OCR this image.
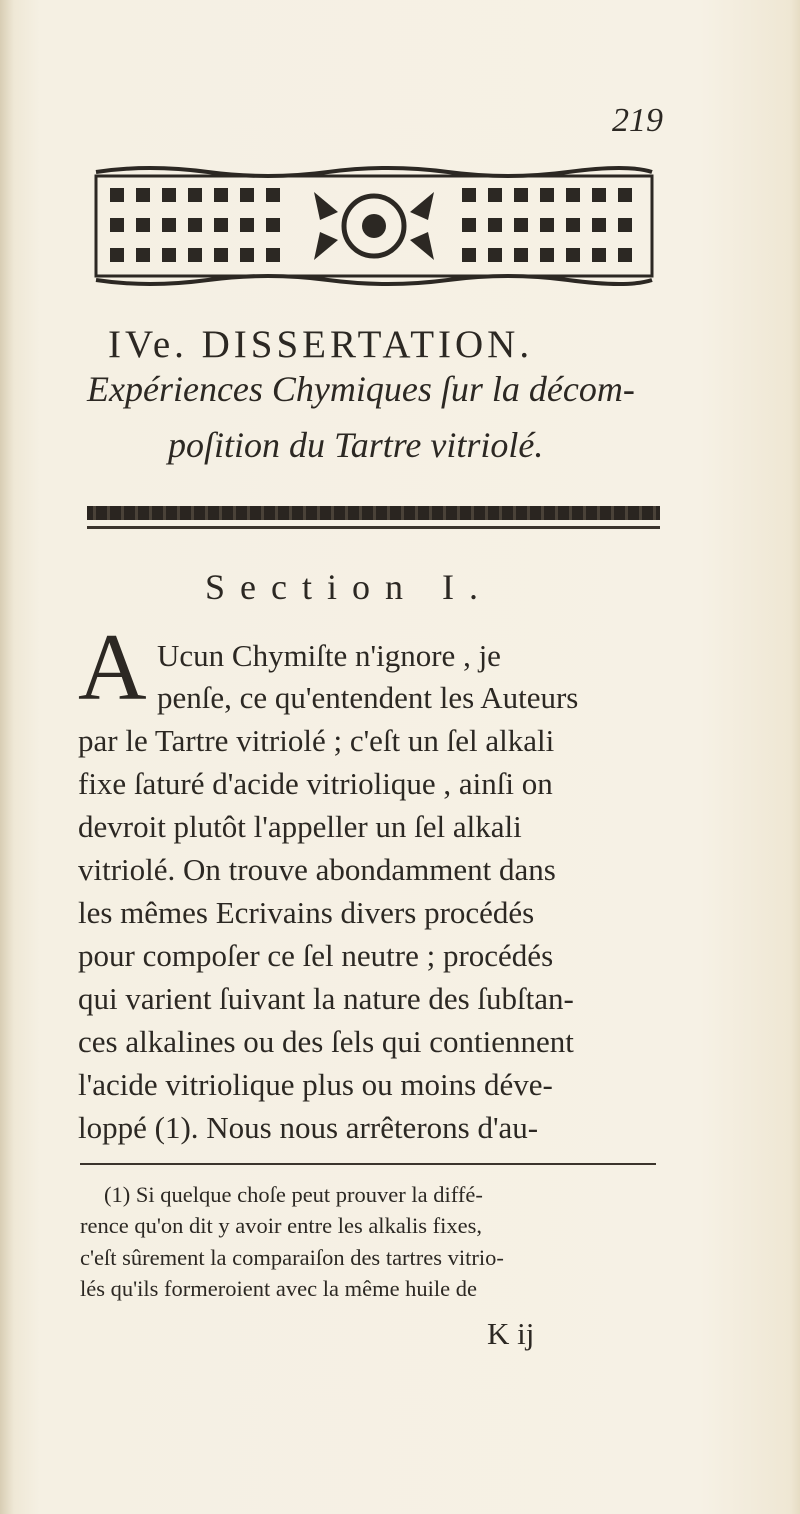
219
IVe. DISSERTATION.
Expériences Chymiques ſur la décom-
poſition du Tartre vitriolé.
Section I.
A Ucun Chymiſte n'ignore , je
penſe, ce qu'entendent les Auteurs
par le Tartre vitriolé ; c'eſt un ſel alkali
fixe ſaturé d'acide vitriolique , ainſi on
devroit plutôt l'appeller un ſel alkali
vitriolé. On trouve abondamment dans
les mêmes Ecrivains divers procédés
pour compoſer ce ſel neutre ; procédés
qui varient ſuivant la nature des ſubſtan-
ces alkalines ou des ſels qui contiennent
l'acide vitriolique plus ou moins déve-
loppé (1). Nous nous arrêterons d'au-
(1) Si quelque choſe peut prouver la diffé-
rence qu'on dit y avoir entre les alkalis fixes,
c'eſt sûrement la comparaiſon des tartres vitrio-
lés qu'ils formeroient avec la même huile de
K ij
